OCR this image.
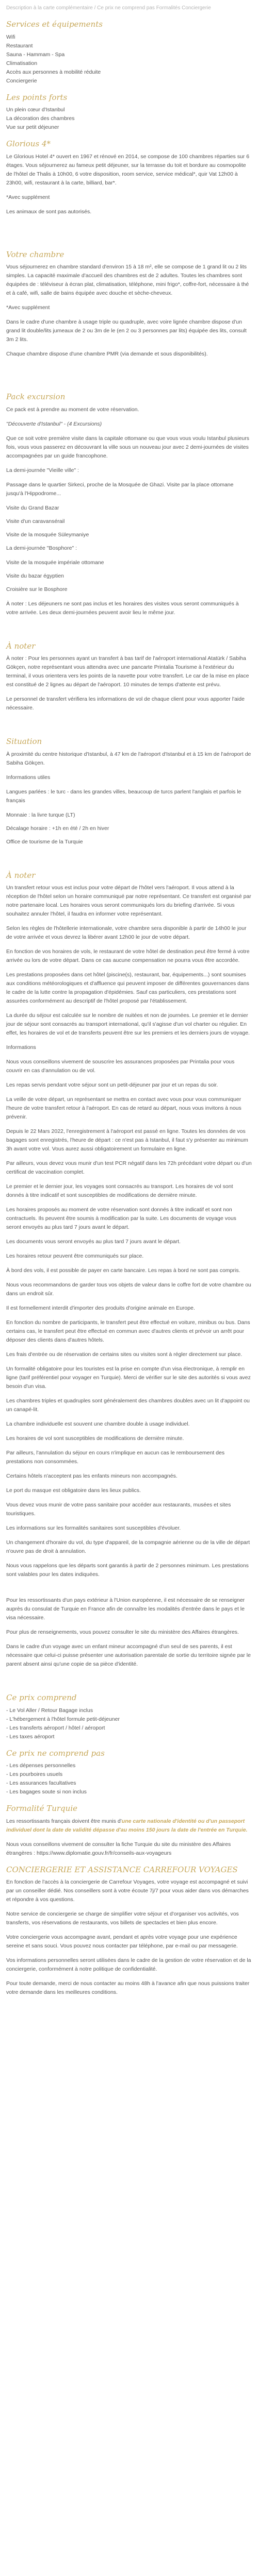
Description à la carte complémentaire / Ce prix ne comprend pas Formalités Conciergerie

Services et équipements
Wifi
Restaurant
Sauna - Hammam - Spa
Climatisation
Accès aux personnes à mobilité réduite
Conciergerie
Les points forts
Un plein cœur d'Istanbul
La décoration des chambres
Vue sur petit déjeuner
Glorious 4*

Le Glorious Hotel 4* ouvert en 1967 et rénové en 2014, se compose de 100 chambres réparties sur 6 étages. Vous séjournerez au fameux petit déjeuner, sur la terrasse du toit et bordure au cosmopolite de l'hôtel de Thalis à 10h00, 6 votre disposition, room service, service médical*, quir Vat 12h00 à 23h00, wifi, restaurant à la carte, billiard, bar*.

*Avec supplément

Les animaux de sont pas autorisés.

Votre chambre

Vous séjournerez en chambre standard d'environ 15 à 18 m², elle se compose de 1 grand lit ou 2 lits simples. La capacité maximale d'accueil des chambres est de 2 adultes. Toutes les chambres sont équipées de : téléviseur à écran plat, climatisation, téléphone, mini frigo*, coffre-fort, nécessaire à thé et à café, wifi, salle de bains équipée avec douche et sèche-cheveux.

*Avec supplément

Dans le cadre d'une chambre à usage triple ou quadruple, avec voire lignée chambre dispose d'un grand lit double/lits jumeaux de 2 ou 3m de le (en 2 ou 3 personnes par lits) équipée des lits, consult 3m 2 lits.

Chaque chambre dispose d'une chambre PMR (via demande et sous disponibilités).

Pack excursion

Ce pack est à prendre au moment de votre réservation.

"Découverte d'Istanbul" - (4 Excursions)

Que ce soit votre première visite dans la capitale ottomane ou que vous vous voulu Istanbul plusieurs fois, vous vous passerez en découvrant la ville sous un nouveau jour avec 2 demi-journées de visites accompagnées par un guide francophone.

La demi-journée "Vieille ville" :

Passage dans le quartier Sirkeci, proche de la Mosquée de Ghazi. Visite par la place ottomane jusqu'à l'Hippodrome...

Visite du Grand Bazar

Visite d'un caravansérail

Visite de la mosquée Süleymaniye

La demi-journée "Bosphore" :

Visite de la mosquée impériale ottomane

Visite du bazar égyptien

Croisière sur le Bosphore

À noter : Les déjeuners ne sont pas inclus et les horaires des visites vous seront communiqués à votre arrivée. Les deux demi-journées peuvent avoir lieu le même jour.

À noter

À noter : Pour les personnes ayant un transfert à bas tarif de l'aéroport international Atatürk / Sabiha Gökçen, notre représentant vous attendra avec une pancarte Printalia Tourisme à l'extérieur du terminal, il vous orientera vers les points de la navette pour votre transfert. Le car de la mise en place est constitué de 2 lignes au départ de l'aéroport. 10 minutes de temps d'attente est prévu.

Le personnel de transfert vérifiera les informations de vol de chaque client pour vous apporter l'aide nécessaire.

Situation

À proximité du centre historique d'Istanbul, à 47 km de l'aéroport d'Istanbul et à 15 km de l'aéroport de Sabiha Gökçen.

Informations utiles

Langues parlées : le turc - dans les grandes villes, beaucoup de turcs parlent l'anglais et parfois le français

Monnaie : la livre turque (LT)

Décalage horaire : +1h en été / 2h en hiver

Office de tourisme de la Turquie

À noter

Un transfert retour vous est inclus pour votre départ de l'hôtel vers l'aéroport. Il vous attend à la réception de l'hôtel selon un horaire communiqué par notre représentant. Ce transfert est organisé par notre partenaire local. Les horaires vous seront communiqués lors du briefing d'arrivée. Si vous souhaitez annuler l'hôtel, il faudra en informer votre représentant.

Selon les règles de l'hôtellerie internationale, votre chambre sera disponible à partir de 14h00 le jour de votre arrivée et vous devrez la libérer avant 12h00 le jour de votre départ.

En fonction de vos horaires de vols, le restaurant de votre hôtel de destination peut être fermé à votre arrivée ou lors de votre départ. Dans ce cas aucune compensation ne pourra vous être accordée.

Les prestations proposées dans cet hôtel (piscine(s), restaurant, bar, équipements...) sont soumises aux conditions météorologiques et d'affluence qui peuvent imposer de différentes gouvernances dans le cadre de la lutte contre la propagation d'épidémies. Sauf cas particuliers, ces prestations sont assurées conformément au descriptif de l'hôtel proposé par l'établissement.

La durée du séjour est calculée sur le nombre de nuitées et non de journées. Le premier et le dernier jour de séjour sont consacrés au transport international, qu'il s'agisse d'un vol charter ou régulier. En effet, les horaires de vol et de transferts peuvent être sur les premiers et les derniers jours de voyage.

Informations

Nous vous conseillons vivement de souscrire les assurances proposées par Printalia pour vous couvrir en cas d'annulation ou de vol.

Les repas servis pendant votre séjour sont un petit-déjeuner par jour et un repas du soir.

La veille de votre départ, un représentant se mettra en contact avec vous pour vous communiquer l'heure de votre transfert retour à l'aéroport. En cas de retard au départ, nous vous invitons à nous prévenir.

Depuis le 22 Mars 2022, l'enregistrement à l'aéroport est passé en ligne. Toutes les données de vos bagages sont enregistrés, l'heure de départ : ce n'est pas à Istanbul, il faut s'y présenter au minimum 3h avant votre vol. Vous aurez aussi obligatoirement un formulaire en ligne.

Par ailleurs, vous devez vous munir d'un test PCR négatif dans les 72h précédant votre départ ou d'un certificat de vaccination complet.

Le premier et le dernier jour, les voyages sont consacrés au transport. Les horaires de vol sont donnés à titre indicatif et sont susceptibles de modifications de dernière minute.

Les horaires proposés au moment de votre réservation sont donnés à titre indicatif et sont non contractuels. Ils peuvent être soumis à modification par la suite. Les documents de voyage vous seront envoyés au plus tard 7 jours avant le départ.

Les documents vous seront envoyés au plus tard 7 jours avant le départ.

Les horaires retour peuvent être communiqués sur place.

À bord des vols, il est possible de payer en carte bancaire. Les repas à bord ne sont pas compris.

Nous vous recommandons de garder tous vos objets de valeur dans le coffre fort de votre chambre ou dans un endroit sûr.

Il est formellement interdit d'importer des produits d'origine animale en Europe.

En fonction du nombre de participants, le transfert peut être effectué en voiture, minibus ou bus. Dans certains cas, le transfert peut être effectué en commun avec d'autres clients et prévoir un arrêt pour déposer des clients dans d'autres hôtels.

Les frais d'entrée ou de réservation de certains sites ou visites sont à régler directement sur place.

Un formalité obligatoire pour les touristes est la prise en compte d'un visa électronique, à remplir en ligne (tarif préférentiel pour voyager en Turquie). Merci de vérifier sur le site des autorités si vous avez besoin d'un visa.

Les chambres triples et quadruples sont généralement des chambres doubles avec un lit d'appoint ou un canapé-lit.

La chambre individuelle est souvent une chambre double à usage individuel.

Les horaires de vol sont susceptibles de modifications de dernière minute.

Par ailleurs, l'annulation du séjour en cours n'implique en aucun cas le remboursement des prestations non consommées.

Certains hôtels n'acceptent pas les enfants mineurs non accompagnés.

Le port du masque est obligatoire dans les lieux publics.

Vous devez vous munir de votre pass sanitaire pour accéder aux restaurants, musées et sites touristiques.

Les informations sur les formalités sanitaires sont susceptibles d'évoluer.

Un changement d'horaire du vol, du type d'appareil, de la compagnie aérienne ou de la ville de départ n'ouvre pas de droit à annulation.

Nous vous rappelons que les départs sont garantis à partir de 2 personnes minimum. Les prestations sont valables pour les dates indiquées.

Pour les ressortissants d'un pays extérieur à l'Union européenne, il est nécessaire de se renseigner auprès du consulat de Turquie en France afin de connaître les modalités d'entrée dans le pays et le visa nécessaire.

Pour plus de renseignements, vous pouvez consulter le site du ministère des Affaires étrangères.

Dans le cadre d'un voyage avec un enfant mineur accompagné d'un seul de ses parents, il est nécessaire que celui-ci puisse présenter une autorisation parentale de sortie du territoire signée par le parent absent ainsi qu'une copie de sa pièce d'identité.

Ce prix comprend
- Le Vol Aller / Retour Bagage inclus
- L'hébergement à l'hôtel formule petit-déjeuner
- Les transferts aéroport / hôtel / aéroport
- Les taxes aéroport
Ce prix ne comprend pas
- Les dépenses personnelles
- Les pourboires usuels
- Les assurances facultatives
- Les bagages soute si non inclus
Formalité Turquie

Les ressortissants français doivent être munis d'une carte nationale d'identité ou d'un passeport individuel dont la date de validité dépasse d'au moins 150 jours la date de l'entrée en Turquie.

Nous vous conseillons vivement de consulter la fiche Turquie du site du ministère des Affaires étrangères : https://www.diplomatie.gouv.fr/fr/conseils-aux-voyageurs

CONCIERGERIE ET ASSISTANCE CARREFOUR VOYAGES

En fonction de l'accès à la conciergerie de Carrefour Voyages, votre voyage est accompagné et suivi par un conseiller dédié. Nos conseillers sont à votre écoute 7j/7 pour vous aider dans vos démarches et répondre à vos questions.

Notre service de conciergerie se charge de simplifier votre séjour et d'organiser vos activités, vos transferts, vos réservations de restaurants, vos billets de spectacles et bien plus encore.

Votre conciergerie vous accompagne avant, pendant et après votre voyage pour une expérience sereine et sans souci. Vous pouvez nous contacter par téléphone, par e-mail ou par messagerie.

Vos informations personnelles seront utilisées dans le cadre de la gestion de votre réservation et de la conciergerie, conformément à notre politique de confidentialité.

Pour toute demande, merci de nous contacter au moins 48h à l'avance afin que nous puissions traiter votre demande dans les meilleures conditions.
